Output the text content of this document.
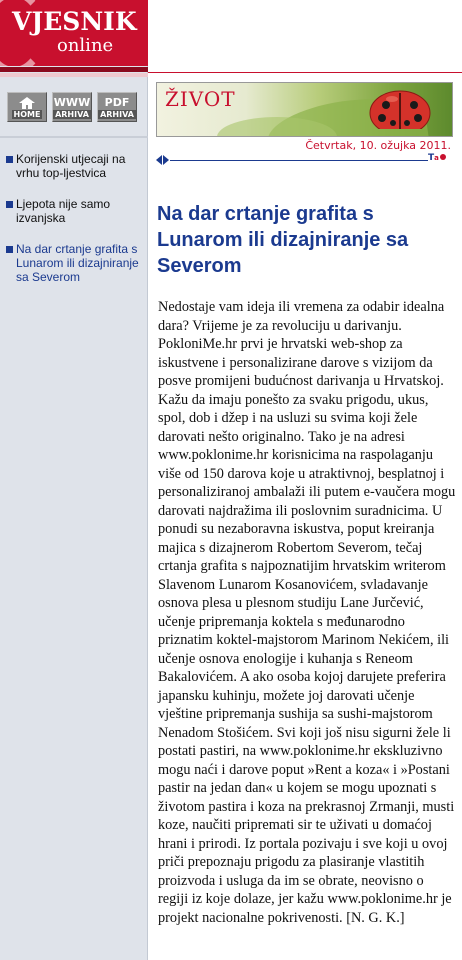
VJESNIK
online
HOME
WWW
ARHIVA
PDF
ARHIVA
Korijenski utjecaji na vrhu top-ljestvica
Ljepota nije samo izvanjska
Na dar crtanje grafita s Lunarom ili dizajniranje sa Severom
ŽIVOT
Četvrtak, 10. ožujka 2011.
Ta
Na dar crtanje grafita s Lunarom ili dizajniranje sa Severom
Nedostaje vam ideja ili vremena za odabir idealna dara? Vrijeme je za revoluciju u darivanju. PokloniMe.hr prvi je hrvatski web-shop za iskustvene i personalizirane darove s vizijom da posve promijeni budućnost darivanja u Hrvatskoj. Kažu da imaju ponešto za svaku prigodu, ukus, spol, dob i džep i na usluzi su svima koji žele darovati nešto originalno. Tako je na adresi www.poklonime.hr korisnicima na raspolaganju više od 150 darova koje u atraktivnoj, besplatnoj i personaliziranoj ambalaži ili putem e-vaučera mogu darovati najdražima ili poslovnim suradnicima. U ponudi su nezaboravna iskustva, poput kreiranja majica s dizajnerom Robertom Severom, tečaj crtanja grafita s najpoznatijim hrvatskim writerom Slavenom Lunarom Kosanovićem, svladavanje osnova plesa u plesnom studiju Lane Jurčević, učenje pripremanja koktela s međunarodno priznatim koktel-majstorom Marinom Nekićem, ili učenje osnova enologije i kuhanja s Reneom Bakalovićem. A ako osoba kojoj darujete preferira japansku kuhinju, možete joj darovati učenje vještine pripremanja sushija sa sushi-majstorom Nenadom Stošićem. Svi koji još nisu sigurni žele li postati pastiri, na www.poklonime.hr ekskluzivno mogu naći i darove poput »Rent a koza« i »Postani pastir na jedan dan« u kojem se mogu upoznati s životom pastira i koza na prekrasnoj Zrmanji, musti koze, naučiti pripremati sir te uživati u domaćoj hrani i prirodi. Iz portala pozivaju i sve koji u ovoj priči prepoznaju prigodu za plasiranje vlastitih proizvoda i usluga da im se obrate, neovisno o regiji iz koje dolaze, jer kažu www.poklonime.hr je projekt nacionalne pokrivenosti. [N. G. K.]
